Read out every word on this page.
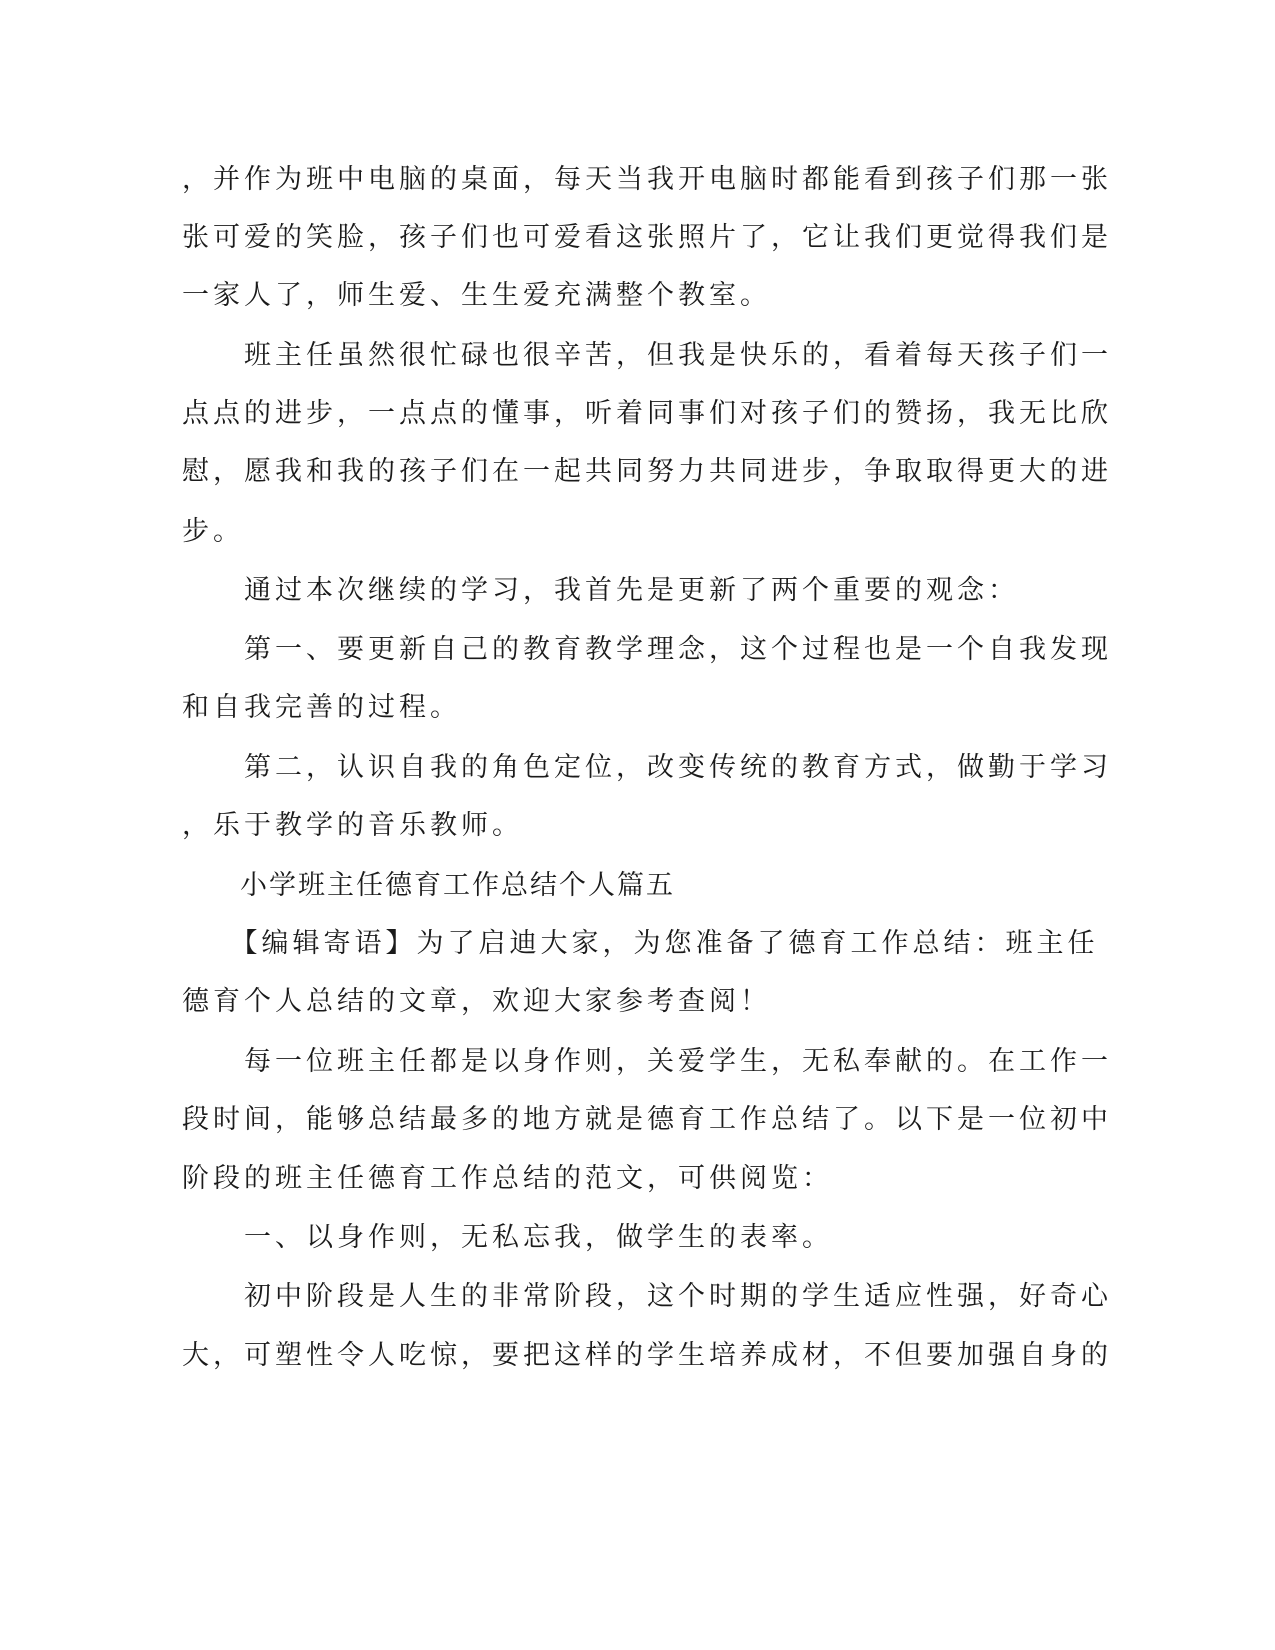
，并作为班中电脑的桌面，每天当我开电脑时都能看到孩子们那一张
张可爱的笑脸，孩子们也可爱看这张照片了，它让我们更觉得我们是
一家人了，师生爱、生生爱充满整个教室。
　　班主任虽然很忙碌也很辛苦，但我是快乐的，看着每天孩子们一
点点的进步，一点点的懂事，听着同事们对孩子们的赞扬，我无比欣
慰，愿我和我的孩子们在一起共同努力共同进步，争取取得更大的进
步。
　　通过本次继续的学习，我首先是更新了两个重要的观念：
　　第一、要更新自己的教育教学理念，这个过程也是一个自我发现
和自我完善的过程。
　　第二，认识自我的角色定位，改变传统的教育方式，做勤于学习
，乐于教学的音乐教师。
　　小学班主任德育工作总结个人篇五
　　【编辑寄语】为了启迪大家，为您准备了德育工作总结：班主任
德育个人总结的文章，欢迎大家参考查阅！
　　每一位班主任都是以身作则，关爱学生，无私奉献的。在工作一
段时间，能够总结最多的地方就是德育工作总结了。以下是一位初中
阶段的班主任德育工作总结的范文，可供阅览：
　　一、以身作则，无私忘我，做学生的表率。
　　初中阶段是人生的非常阶段，这个时期的学生适应性强，好奇心
大，可塑性令人吃惊，要把这样的学生培养成材，不但要加强自身的
